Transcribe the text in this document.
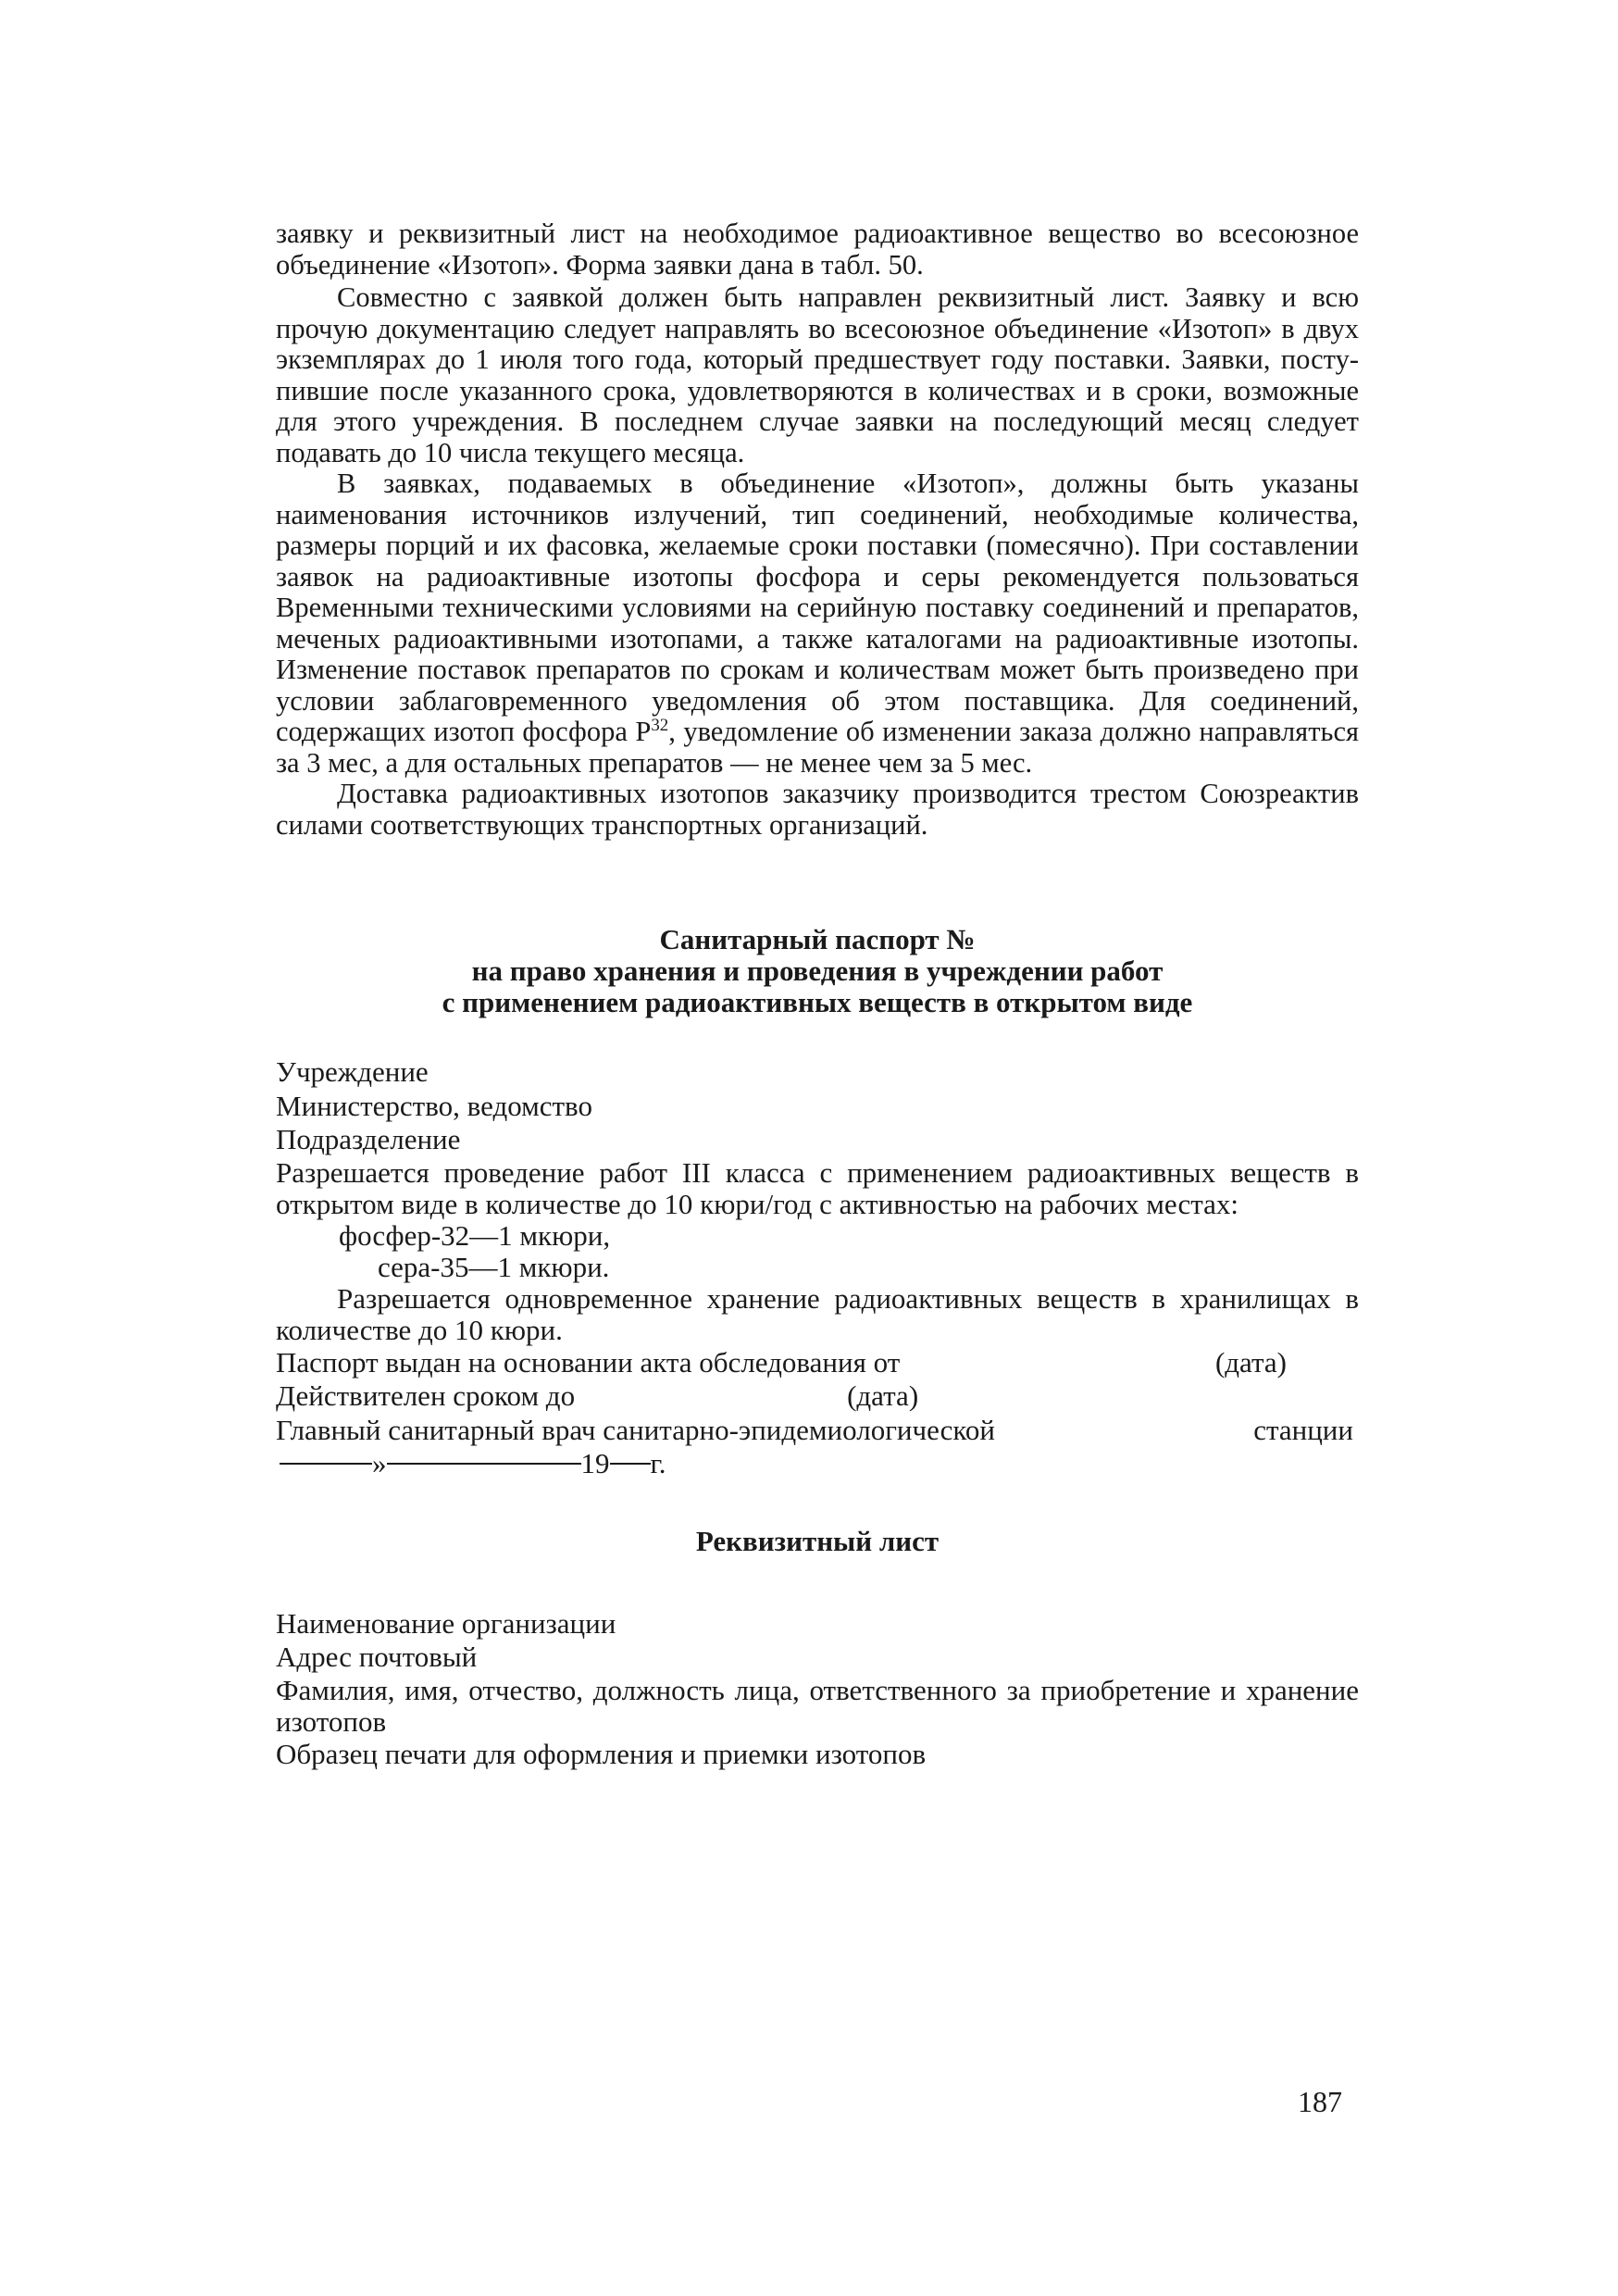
заявку и реквизитный лист на необходимое радиоактивное вещество во всесоюзное объединение «Изотоп». Форма заявки дана в табл. 50.

Совместно с заявкой должен быть направлен реквизитный лист. Заявку и всю прочую документацию следует направлять во всесоюзное объединение «Изотоп» в двух экземплярах до 1 июля того года, который предшествует году поставки. Заявки, поступившие после указанного срока, удовлетворяются в количествах и в сроки, возможные для этого учреждения. В последнем случае заявки на последующий месяц следует подавать до 10 числа текущего месяца.

В заявках, подаваемых в объединение «Изотоп», должны быть указаны наименования источников излучений, тип соединений, необходимые количества, размеры порций и их фасовка, желаемые сроки поставки (помесячно). При составлении заявок на радиоактивные изотопы фосфора и серы рекомендуется пользоваться Временными техническими условиями на серийную поставку соединений и препаратов, меченых радиоактивными изотопами, а также каталогами на радиоактивные изотопы. Изменение поставок препаратов по срокам и количествам может быть произведено при условии заблаговременного уведомления об этом поставщика. Для соединений, содержащих изотоп фосфора $P^{32}$, уведомление об изменении заказа должно направляться за 3 мес, а для остальных препаратов — не менее чем за 5 мес.

Доставка радиоактивных изотопов заказчику производится трестом Союзреактив силами соответствующих транспортных организаций.

Санитарный паспорт №

на право хранения и проведения в учреждении работ

с применением радиоактивных веществ в открытом виде

Учреждение

Министерство, ведомство

Подразделение

Разрешается проведение работ III класса с применением радиоактивных веществ в открытом виде в количестве до 10 кюри/год с активностью на рабочих местах:

фосфер-32—1 мкюри,

сера-35—1 мкюри.

Разрешается одновременное хранение радиоактивных веществ в хранилищах в количестве до 10 кюри.

Паспорт выдан на основании акта обследования от	(дата)
Действителен сроком до	(дата)
Главный санитарный врач санитарно-эпидемиологической	станции
»	19 г.

Реквизитный лист

Наименование организации

Адрес почтовый

Фамилия, имя, отчество, должность лица, ответственного за приобретение и хранение изотопов

Образец печати для оформления и приемки изотопов

187
